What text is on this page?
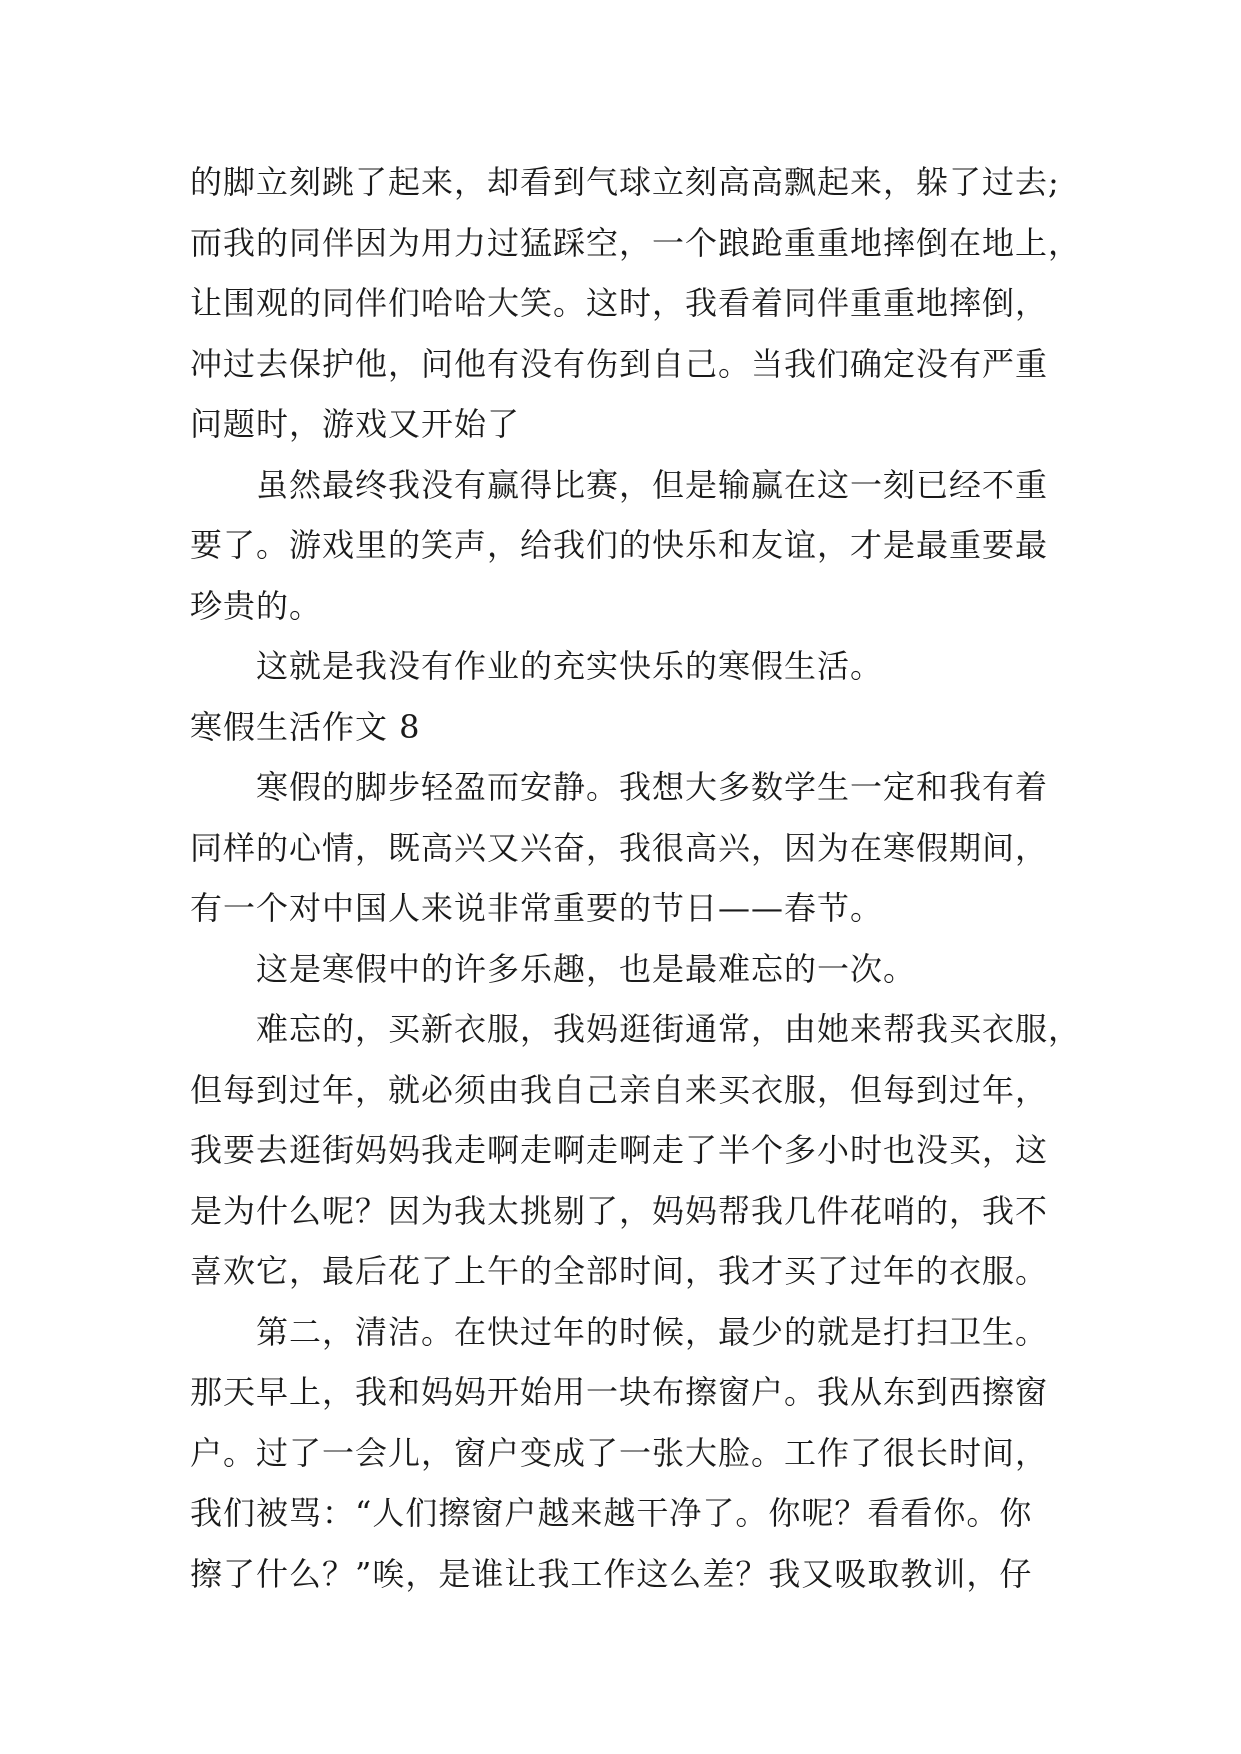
的脚立刻跳了起来，却看到气球立刻高高飘起来，躲了过去;
而我的同伴因为用力过猛踩空，一个踉跄重重地摔倒在地上，
让围观的同伴们哈哈大笑。这时，我看着同伴重重地摔倒，
冲过去保护他，问他有没有伤到自己。当我们确定没有严重
问题时，游戏又开始了
虽然最终我没有赢得比赛，但是输赢在这一刻已经不重
要了。游戏里的笑声，给我们的快乐和友谊，才是最重要最
珍贵的。
这就是我没有作业的充实快乐的寒假生活。
寒假生活作文 8
寒假的脚步轻盈而安静。我想大多数学生一定和我有着
同样的心情，既高兴又兴奋，我很高兴，因为在寒假期间，
有一个对中国人来说非常重要的节日——春节。
这是寒假中的许多乐趣，也是最难忘的一次。
难忘的，买新衣服，我妈逛街通常，由她来帮我买衣服，
但每到过年，就必须由我自己亲自来买衣服，但每到过年，
我要去逛街妈妈我走啊走啊走啊走了半个多小时也没买，这
是为什么呢？因为我太挑剔了，妈妈帮我几件花哨的，我不
喜欢它，最后花了上午的全部时间，我才买了过年的衣服。
第二，清洁。在快过年的时候，最少的就是打扫卫生。
那天早上，我和妈妈开始用一块布擦窗户。我从东到西擦窗
户。过了一会儿，窗户变成了一张大脸。工作了很长时间，
我们被骂：“人们擦窗户越来越干净了。你呢？看看你。你
擦了什么？”唉，是谁让我工作这么差？我又吸取教训，仔
